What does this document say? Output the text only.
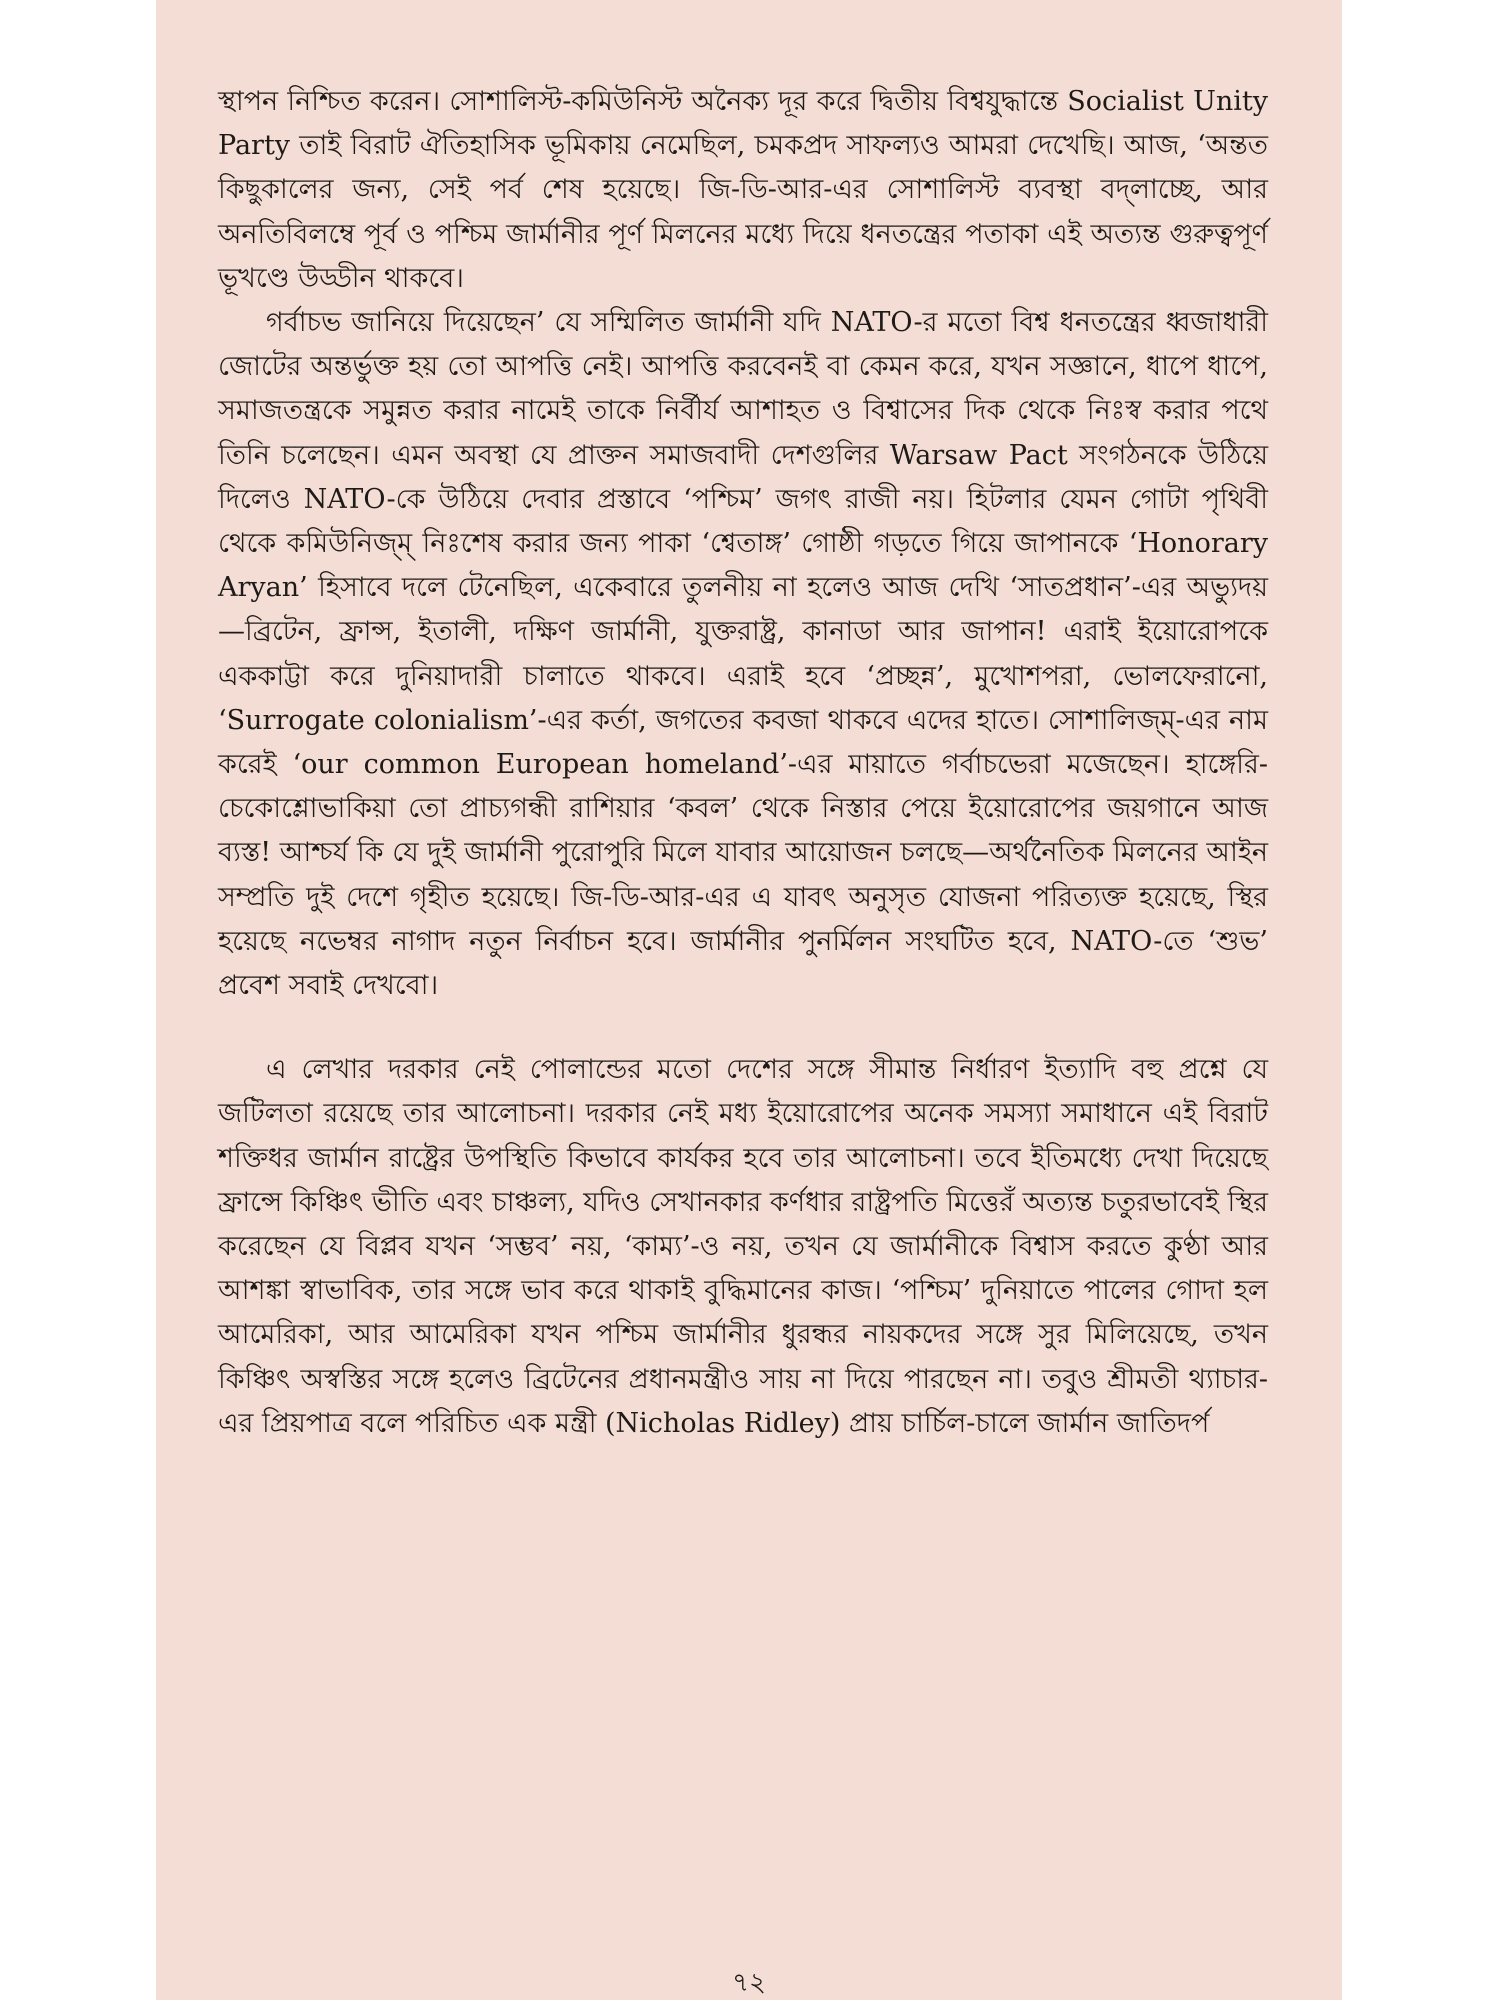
স্থাপন নিশ্চিত করেন। সোশালিস্ট-কমিউনিস্ট অনৈক্য দূর করে দ্বিতীয় বিশ্বযুদ্ধান্তে Socialist Unity Party তাই বিরাট ঐতিহাসিক ভূমিকায় নেমেছিল, চমকপ্রদ সাফল্যও আমরা দেখেছি। আজ, ‘অন্তত কিছুকালের জন্য, সেই পর্ব শেষ হয়েছে। জি-ডি-আর-এর সোশালিস্ট ব্যবস্থা বদ্‌লাচ্ছে, আর অনতিবিলম্বে পূর্ব ও পশ্চিম জার্মানীর পূর্ণ মিলনের মধ্যে দিয়ে ধনতন্ত্রের পতাকা এই অত্যন্ত গুরুত্বপূর্ণ ভূখণ্ডে উড্ডীন থাকবে।

গর্বাচভ জানিয়ে দিয়েছেন’ যে সম্মিলিত জার্মানী যদি NATO-র মতো বিশ্ব ধনতন্ত্রের ধ্বজাধারী জোটের অন্তর্ভুক্ত হয় তো আপত্তি নেই। আপত্তি করবেনই বা কেমন করে, যখন সজ্ঞানে, ধাপে ধাপে, সমাজতন্ত্রকে সমুন্নত করার নামেই তাকে নির্বীর্য আশাহত ও বিশ্বাসের দিক থেকে নিঃস্ব করার পথে তিনি চলেছেন। এমন অবস্থা যে প্রাক্তন সমাজবাদী দেশগুলির Warsaw Pact সংগঠনকে উঠিয়ে দিলেও NATO-কে উঠিয়ে দেবার প্রস্তাবে ‘পশ্চিম’ জগৎ রাজী নয়। হিটলার যেমন গোটা পৃথিবী থেকে কমিউনিজ্‌ম্ নিঃশেষ করার জন্য পাকা ‘শ্বেতাঙ্গ’ গোষ্ঠী গড়তে গিয়ে জাপানকে ‘Honorary Aryan’ হিসাবে দলে টেনেছিল, একেবারে তুলনীয় না হলেও আজ দেখি ‘সাতপ্রধান’-এর অভ্যুদয়—ব্রিটেন, ফ্রান্স, ইতালী, দক্ষিণ জার্মানী, যুক্তরাষ্ট্র, কানাডা আর জাপান! এরাই ইয়োরোপকে এককাট্টা করে দুনিয়াদারী চালাতে থাকবে। এরাই হবে ‘প্রচ্ছন্ন’, মুখোশপরা, ভোলফেরানো, ‘Surrogate colonialism’-এর কর্তা, জগতের কবজা থাকবে এদের হাতে। সোশালিজ্‌ম্-এর নাম করেই ‘our common European homeland’-এর মায়াতে গর্বাচভেরা মজেছেন। হাঙ্গেরি-চেকোশ্লোভাকিয়া তো প্রাচ্যগন্ধী রাশিয়ার ‘কবল’ থেকে নিস্তার পেয়ে ইয়োরোপের জয়গানে আজ ব্যস্ত! আশ্চর্য কি যে দুই জার্মানী পুরোপুরি মিলে যাবার আয়োজন চলছে—অর্থনৈতিক মিলনের আইন সম্প্রতি দুই দেশে গৃহীত হয়েছে। জি-ডি-আর-এর এ যাবৎ অনুসৃত যোজনা পরিত্যক্ত হয়েছে, স্থির হয়েছে নভেম্বর নাগাদ নতুন নির্বাচন হবে। জার্মানীর পুনর্মিলন সংঘটিত হবে, NATO-তে ‘শুভ’ প্রবেশ সবাই দেখবো।

এ লেখার দরকার নেই পোলান্ডের মতো দেশের সঙ্গে সীমান্ত নির্ধারণ ইত্যাদি বহু প্রশ্নে যে জটিলতা রয়েছে তার আলোচনা। দরকার নেই মধ্য ইয়োরোপের অনেক সমস্যা সমাধানে এই বিরাট শক্তিধর জার্মান রাষ্ট্রের উপস্থিতি কিভাবে কার্যকর হবে তার আলোচনা। তবে ইতিমধ্যে দেখা দিয়েছে ফ্রান্সে কিঞ্চিৎ ভীতি এবং চাঞ্চল্য, যদিও সেখানকার কর্ণধার রাষ্ট্রপতি মিত্তেরঁ অত্যন্ত চতুরভাবেই স্থির করেছেন যে বিপ্লব যখন ‘সম্ভব’ নয়, ‘কাম্য’-ও নয়, তখন যে জার্মানীকে বিশ্বাস করতে কুণ্ঠা আর আশঙ্কা স্বাভাবিক, তার সঙ্গে ভাব করে থাকাই বুদ্ধিমানের কাজ। ‘পশ্চিম’ দুনিয়াতে পালের গোদা হল আমেরিকা, আর আমেরিকা যখন পশ্চিম জার্মানীর ধুরন্ধর নায়কদের সঙ্গে সুর মিলিয়েছে, তখন কিঞ্চিৎ অস্বস্তির সঙ্গে হলেও ব্রিটেনের প্রধানমন্ত্রীও সায় না দিয়ে পারছেন না। তবুও শ্রীমতী থ্যাচার-এর প্রিয়পাত্র বলে পরিচিত এক মন্ত্রী (Nicholas Ridley) প্রায় চার্চিল-চালে জার্মান জাতিদর্প

৭২
